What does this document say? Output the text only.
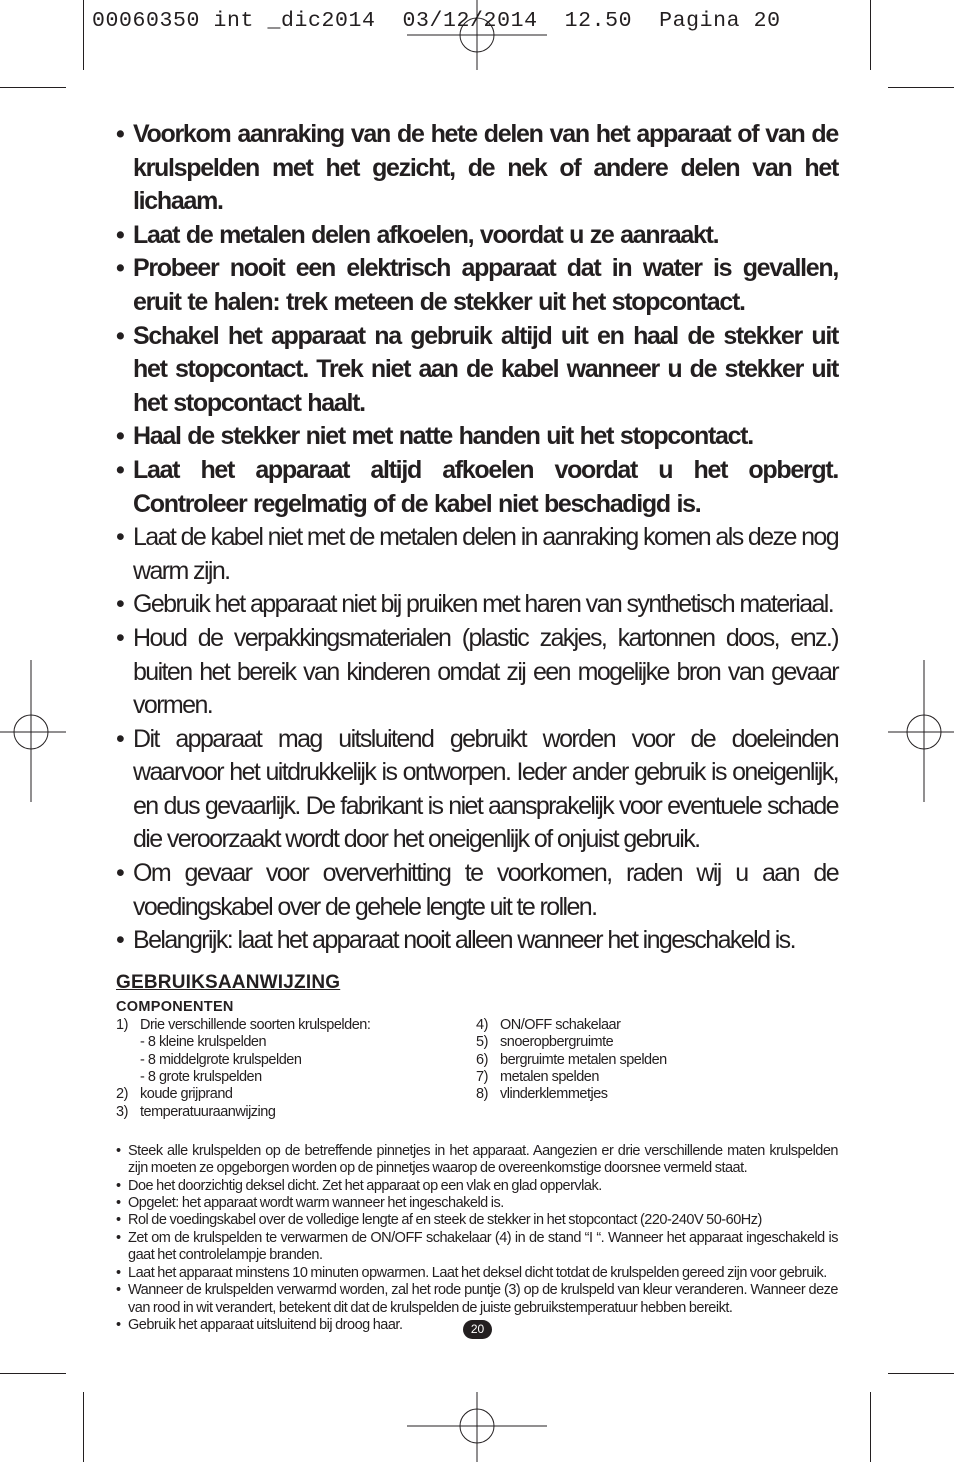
00060350 int _dic2014  03/12/2014  12.50  Pagina 20
• Voorkom aanraking van de hete delen van het apparaat of van de krulspelden met het gezicht, de nek of andere delen van het lichaam.
• Laat de metalen delen afkoelen, voordat u ze aanraakt.
• Probeer nooit een elektrisch apparaat dat in water is gevallen, eruit te halen: trek meteen de stekker uit het stopcontact.
• Schakel het apparaat na gebruik altijd uit en haal de stekker uit het stopcontact. Trek niet aan de kabel wanneer u de stekker uit het stopcontact haalt.
• Haal de stekker niet met natte handen uit het stopcontact.
• Laat het apparaat altijd afkoelen voordat u het opbergt. Controleer regelmatig of de kabel niet beschadigd is.
• Laat de kabel niet met de metalen delen in aanraking komen als deze nog warm zijn.
• Gebruik het apparaat niet bij pruiken met haren van synthetisch materiaal.
• Houd de verpakkingsmaterialen (plastic zakjes, kartonnen doos, enz.) buiten het bereik van kinderen omdat zij een mogelijke bron van gevaar vormen.
• Dit apparaat mag uitsluitend gebruikt worden voor de doeleinden waarvoor het uitdrukkelijk is ontworpen. Ieder ander gebruik is oneigenlijk, en dus gevaarlijk. De fabrikant is niet aansprakelijk voor eventuele schade die veroorzaakt wordt door het oneigenlijk of onjuist gebruik.
• Om gevaar voor oververhitting te voorkomen, raden wij u aan de voedingskabel over de gehele lengte uit te rollen.
• Belangrijk: laat het apparaat nooit alleen wanneer het ingeschakeld is.
GEBRUIKSAANWIJZING
COMPONENTEN
1) Drie verschillende soorten krulspelden:
- 8 kleine krulspelden
- 8 middelgrote krulspelden
- 8 grote krulspelden
2) koude grijprand
3) temperatuuraanwijzing
4) ON/OFF schakelaar
5) snoeropbergruimte
6) bergruimte metalen spelden
7) metalen spelden
8) vlinderklemmetjes
• Steek alle krulspelden op de betreffende pinnetjes in het apparaat. Aangezien er drie verschillende maten krulspelden zijn moeten ze opgeborgen worden op de pinnetjes waarop de overeenkomstige doorsnee vermeld staat.
• Doe het doorzichtig deksel dicht. Zet het apparaat op een vlak en glad oppervlak.
• Opgelet: het apparaat wordt warm wanneer het ingeschakeld is.
• Rol de voedingskabel over de volledige lengte af en steek de stekker in het stopcontact (220-240V 50-60Hz)
• Zet om de krulspelden te verwarmen de ON/OFF schakelaar (4) in de stand “I “. Wanneer het apparaat ingeschakeld is gaat het controlelampje branden.
• Laat het apparaat minstens 10 minuten opwarmen. Laat het deksel dicht totdat de krulspelden gereed zijn voor gebruik.
• Wanneer de krulspelden verwarmd worden, zal het rode puntje (3) op de krulspeld van kleur veranderen. Wanneer deze van rood in wit verandert, betekent dit dat de krulspelden de juiste gebruikstemperatuur hebben bereikt.
• Gebruik het apparaat uitsluitend bij droog haar.	20
